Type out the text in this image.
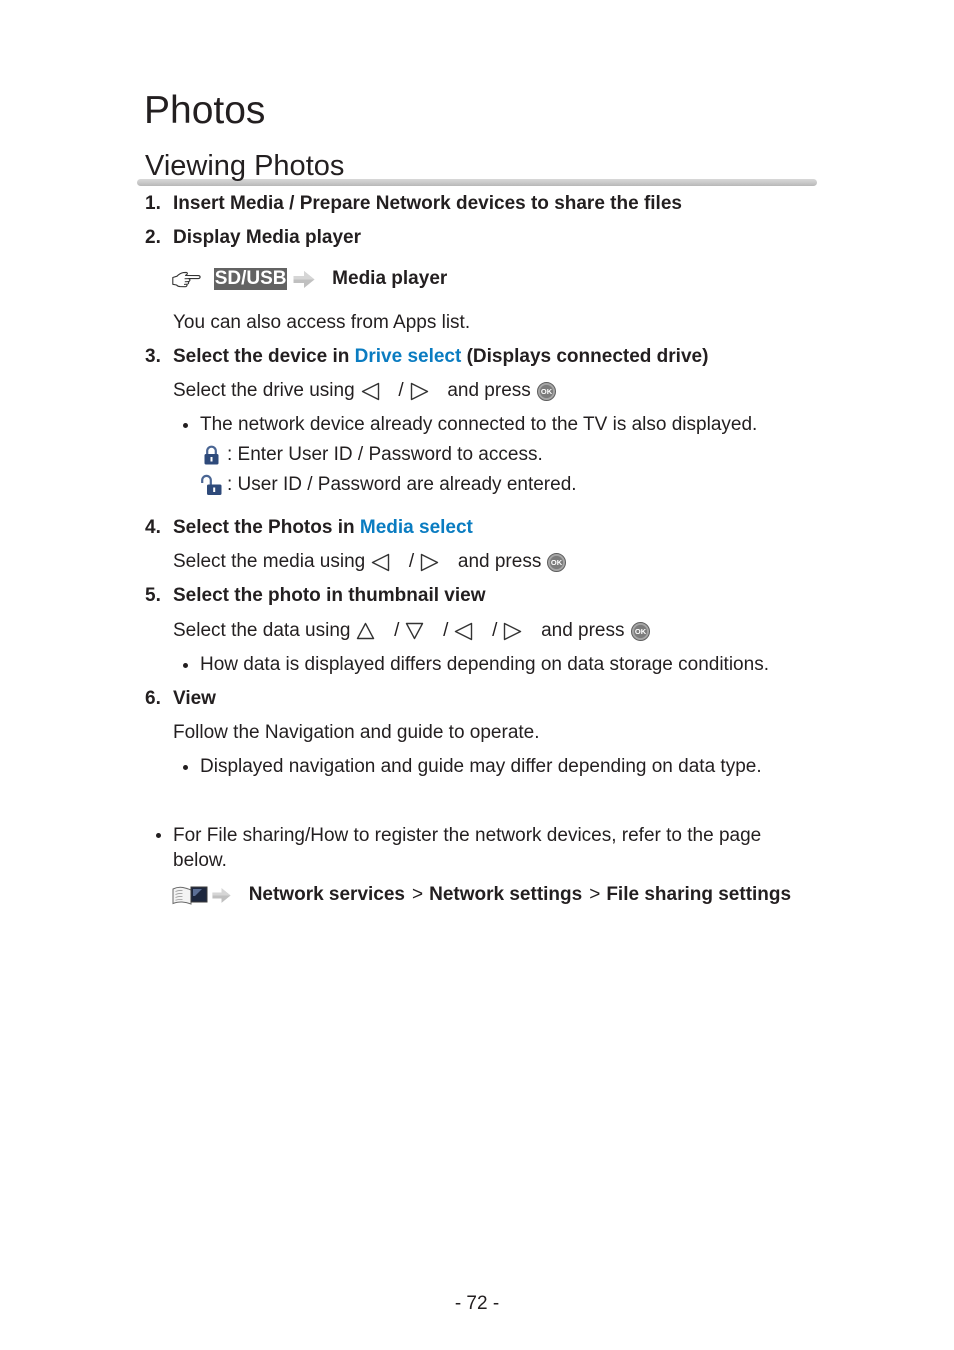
Photos
Viewing Photos
1. Insert Media / Prepare Network devices to share the files
2. Display Media player

SD/USB

Media player
You can also access from Apps list.
3. Select the device in Drive select (Displays connected drive)
Select the drive using

/

and press

OK

The network device already connected to the TV is also displayed.
: Enter User ID / Password to access.
: User ID / Password are already entered.
4. Select the Photos in Media select
Select the media using

/

and press

OK

5. Select the photo in thumbnail view
Select the data using

/

/

/

and press

OK

How data is displayed differs depending on data storage conditions.
6. View
Follow the Navigation and guide to operate.
Displayed navigation and guide may differ depending on data type.
For File sharing/How to register the network devices, refer to the page below.

Network services > Network settings > File sharing settings
- 72 -
